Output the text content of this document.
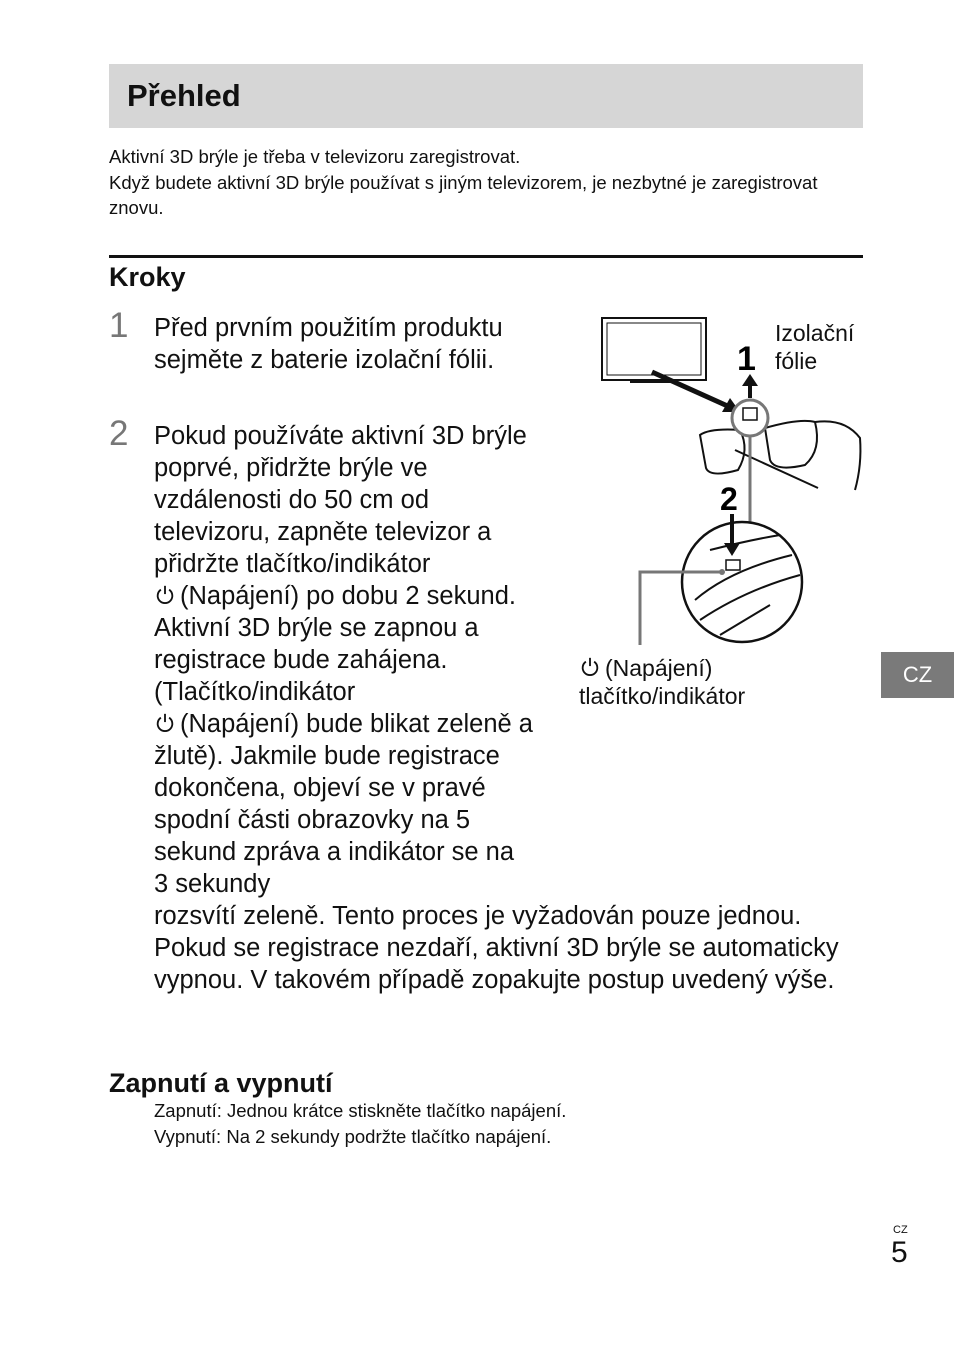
Přehled

Aktivní 3D brýle je třeba v televizoru zaregistrovat.

Když budete aktivní 3D brýle používat s jiným televizorem, je nezbytné je zaregistrovat znovu.

Kroky
1 Před prvním použitím produktu sejměte z baterie izolační fólii.

2 Pokud používáte aktivní 3D brýle poprvé, přidržte brýle ve vzdálenosti do 50 cm od televizoru, zapněte televizor a přidržte tlačítko/indikátor
(Napájení) po dobu 2 sekund. Aktivní 3D brýle se zapnou a registrace bude zahájena. (Tlačítko/indikátor
(Napájení) bude blikat zeleně a žlutě). Jakmile bude registrace dokončena, objeví se v pravé spodní části obrazovky na 5 sekund zpráva a indikátor se na 3 sekundy
rozsvítí zeleně. Tento proces je vyžadován pouze jednou. Pokud se registrace nezdaří, aktivní 3D brýle se automaticky vypnou. V takovém případě zopakujte postup uvedený výše.
1
2
Izolační
fólie
(Napájení)
tlačítko/indikátor
CZ
Zapnutí a vypnutí

Zapnutí: Jednou krátce stiskněte tlačítko napájení.

Vypnutí: Na 2 sekundy podržte tlačítko napájení.

CZ
5
